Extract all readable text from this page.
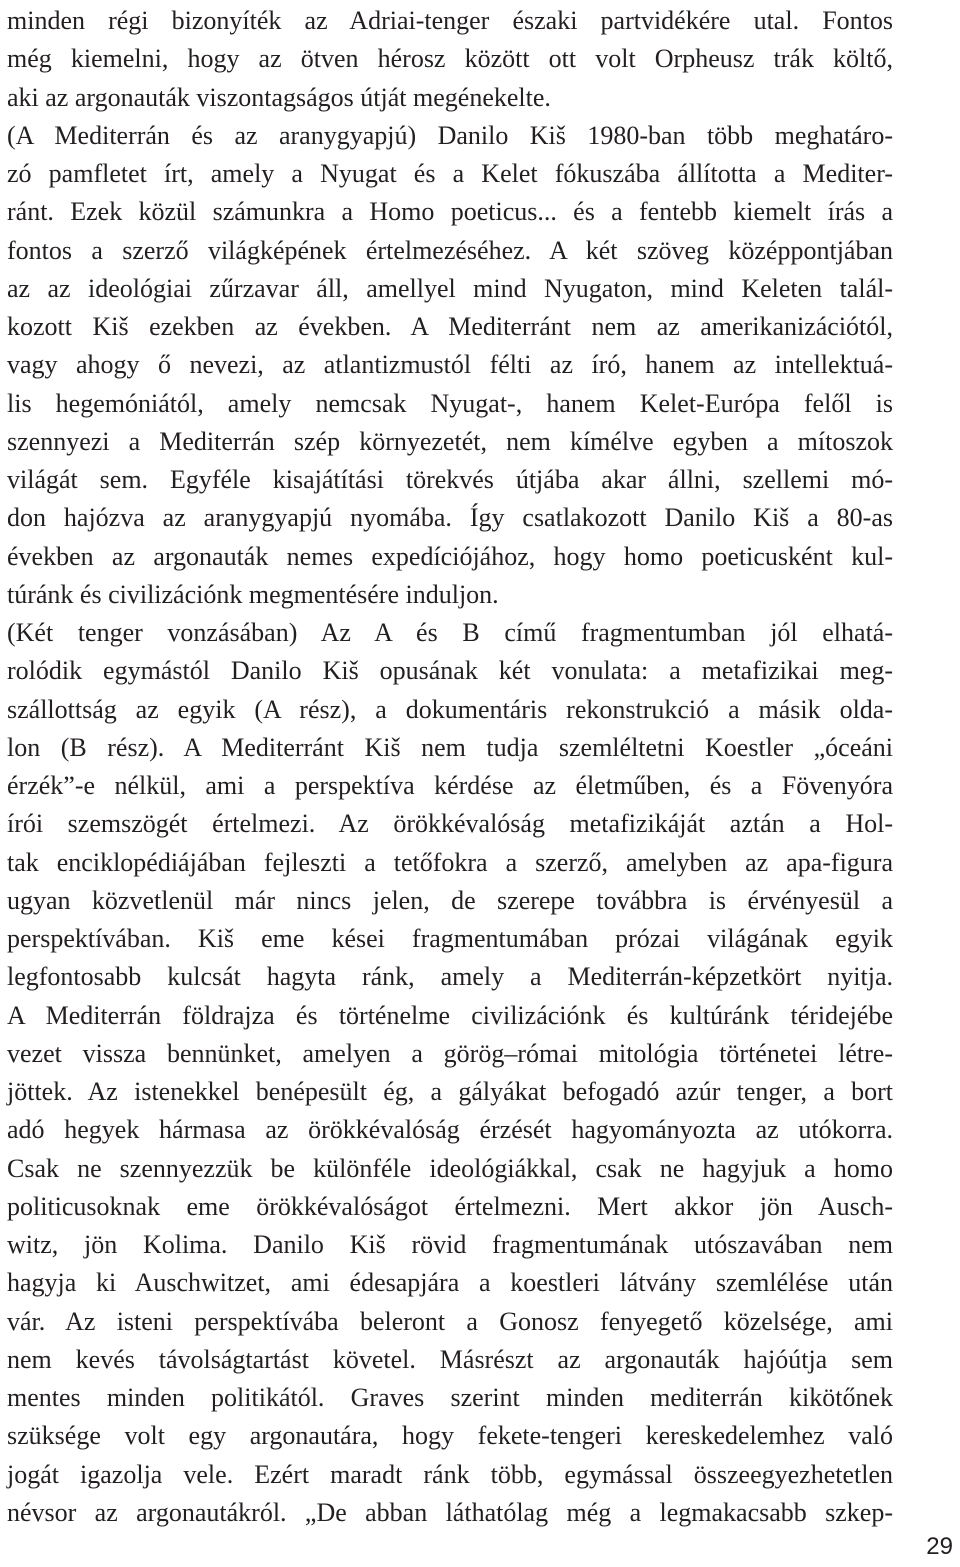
minden régi bizonyíték az Adriai-tenger északi partvidékére utal. Fontos
még kiemelni, hogy az ötven hérosz között ott volt Orpheusz trák költő,
aki az argonauták viszontagságos útját megénekelte.
(A Mediterrán és az aranygyapjú) Danilo Kiš 1980-ban több meghatáro-
zó pamfletet írt, amely a Nyugat és a Kelet fókuszába állította a Mediter-
ránt. Ezek közül számunkra a Homo poeticus... és a fentebb kiemelt írás a
fontos a szerző világképének értelmezéséhez. A két szöveg középpontjában
az az ideológiai zűrzavar áll, amellyel mind Nyugaton, mind Keleten talál-
kozott Kiš ezekben az években. A Mediterránt nem az amerikanizációtól,
vagy ahogy ő nevezi, az atlantizmustól félti az író, hanem az intellektuá-
lis hegemóniától, amely nemcsak Nyugat-, hanem Kelet-Európa felől is
szennyezi a Mediterrán szép környezetét, nem kímélve egyben a mítoszok
világát sem. Egyféle kisajátítási törekvés útjába akar állni, szellemi mó-
don hajózva az aranygyapjú nyomába. Így csatlakozott Danilo Kiš a 80-as
években az argonauták nemes expedíciójához, hogy homo poeticusként kul-
túránk és civilizációnk megmentésére induljon.
(Két tenger vonzásában) Az A és B című fragmentumban jól elhatá-
rolódik egymástól Danilo Kiš opusának két vonulata: a metafizikai meg-
szállottság az egyik (A rész), a dokumentáris rekonstrukció a másik olda-
lon (B rész). A Mediterránt Kiš nem tudja szemléltetni Koestler „óceáni
érzék”-e nélkül, ami a perspektíva kérdése az életműben, és a Fövenyóra
írói szemszögét értelmezi. Az örökkévalóság metafizikáját aztán a Hol-
tak enciklopédiájában fejleszti a tetőfokra a szerző, amelyben az apa-figura
ugyan közvetlenül már nincs jelen, de szerepe továbbra is érvényesül a
perspektívában. Kiš eme kései fragmentumában prózai világának egyik
legfontosabb kulcsát hagyta ránk, amely a Mediterrán-képzetkört nyitja.
A Mediterrán földrajza és történelme civilizációnk és kultúránk téridejébe
vezet vissza bennünket, amelyen a görög–római mitológia történetei létre-
jöttek. Az istenekkel benépesült ég, a gályákat befogadó azúr tenger, a bort
adó hegyek hármasa az örökkévalóság érzését hagyományozta az utókorra.
Csak ne szennyezzük be különféle ideológiákkal, csak ne hagyjuk a homo
politicusoknak eme örökkévalóságot értelmezni. Mert akkor jön Ausch-
witz, jön Kolima. Danilo Kiš rövid fragmentumának utószavában nem
hagyja ki Auschwitzet, ami édesapjára a koestleri látvány szemlélése után
vár. Az isteni perspektívába beleront a Gonosz fenyegető közelsége, ami
nem kevés távolságtartást követel. Másrészt az argonauták hajóútja sem
mentes minden politikától. Graves szerint minden mediterrán kikötőnek
szüksége volt egy argonautára, hogy fekete-tengeri kereskedelemhez való
jogát igazolja vele. Ezért maradt ránk több, egymással összeegyezhetetlen
névsor az argonautákról. „De abban láthatólag még a legmakacsabb szkep-
29
